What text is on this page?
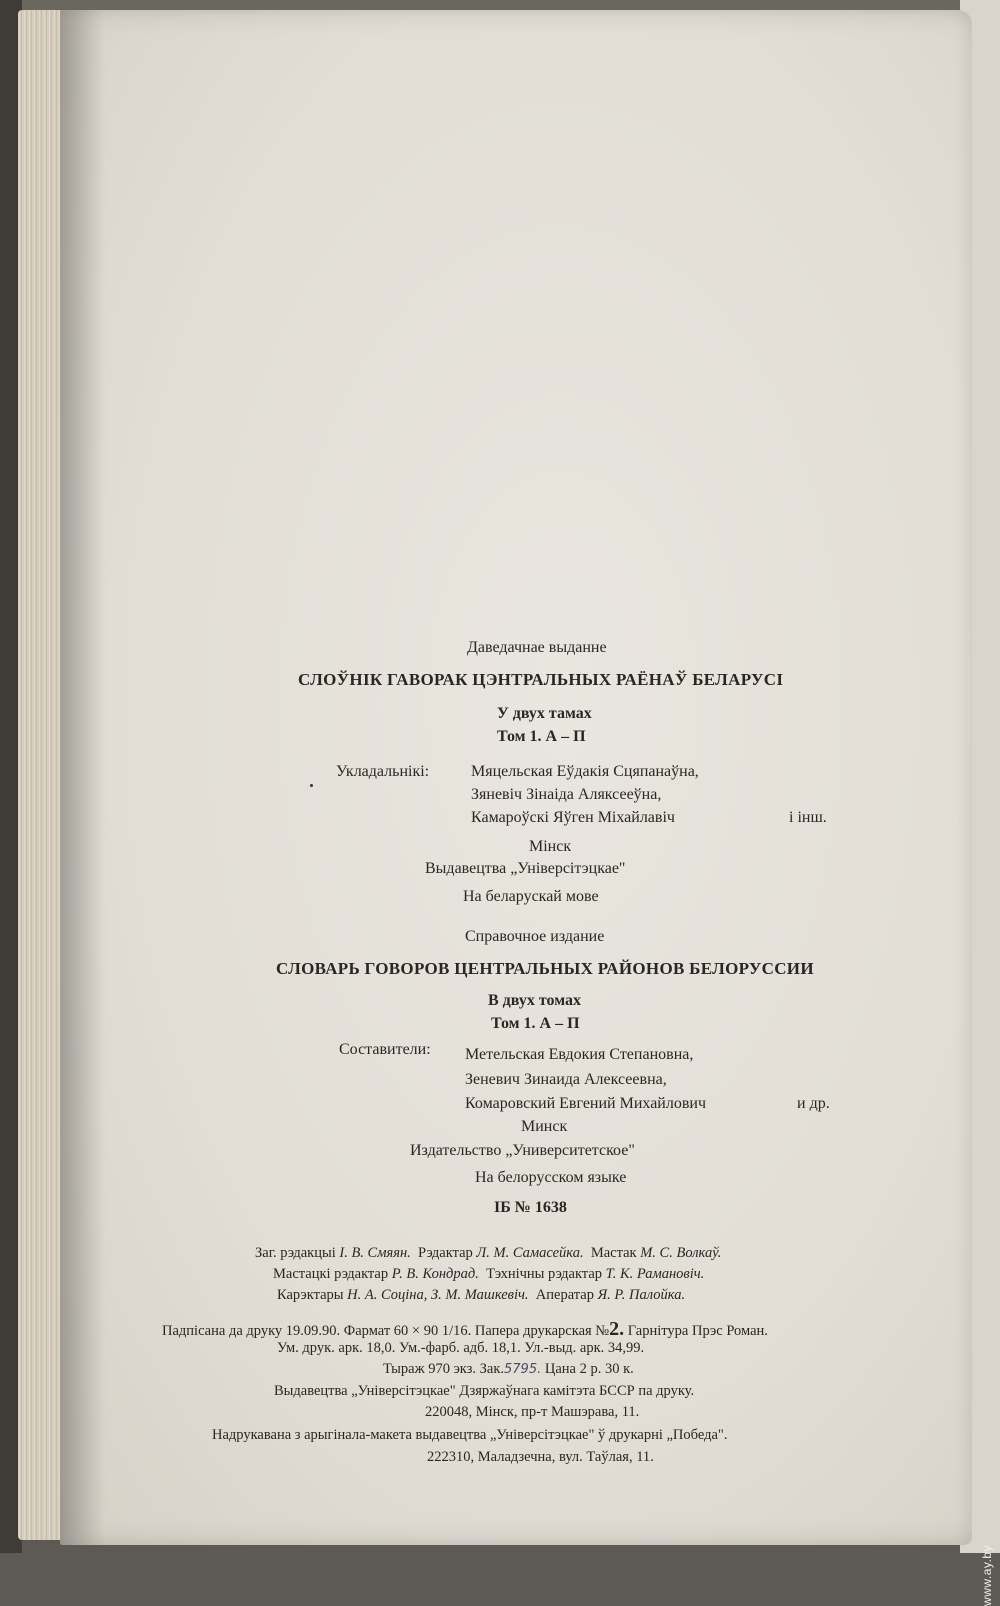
Даведачнае выданне
СЛОЎНІК ГАВОРАК ЦЭНТРАЛЬНЫХ РАЁНАЎ БЕЛАРУСІ
У двух тамах
Том 1. А – П
Укладальнікі:	Мяцельская Еўдакія Сцяпанаўна,
Зяневіч Зінаіда Аляксееўна,
Камароўскі Яўген Міхайлавіч	і інш.
Мінск
Выдавецтва „Універсітэцкае"
На беларускай мове
Справочное издание
СЛОВАРЬ ГОВОРОВ ЦЕНТРАЛЬНЫХ РАЙОНОВ БЕЛОРУССИИ
В двух томах
Том 1. А – П
Составители: Метельская Евдокия Степановна,
Зеневич Зинаида Алексеевна,
Комаровский Евгений Михайлович	и др.
Минск
Издательство „Университетское"
На белорусском языке
ІБ № 1638
Заг. рэдакцыі І. В. Смяян. Рэдактар Л. М. Самасейка. Мастак М. С. Волкаў.
Мастацкі рэдактар Р. В. Кондрад. Тэхнічны рэдактар Т. К. Рамановіч.
Карэктары Н. А. Соціна, З. М. Машкевіч. Аператар Я. Р. Палойка.
Падпісана да друку 19.09.90. Фармат 60 × 90 1/16. Папера друкарская №2. Гарнітура Прэс Роман.
Ум. друк. арк. 18,0. Ум.-фарб. адб. 18,1. Ул.-выд. арк. 34,99.
Тыраж 970 экз. Зак.5795. Цана 2 р. 30 к.
Выдавецтва „Універсітэцкае" Дзяржаўнага камітэта БССР па друку.
220048, Мінск, пр-т Машэрава, 11.
Надрукавана з арыгінала-макета выдавецтва „Універсітэцкае" ў друкарні „Победа".
222310, Маладзечна, вул. Таўлая, 11.
www.ay.by
